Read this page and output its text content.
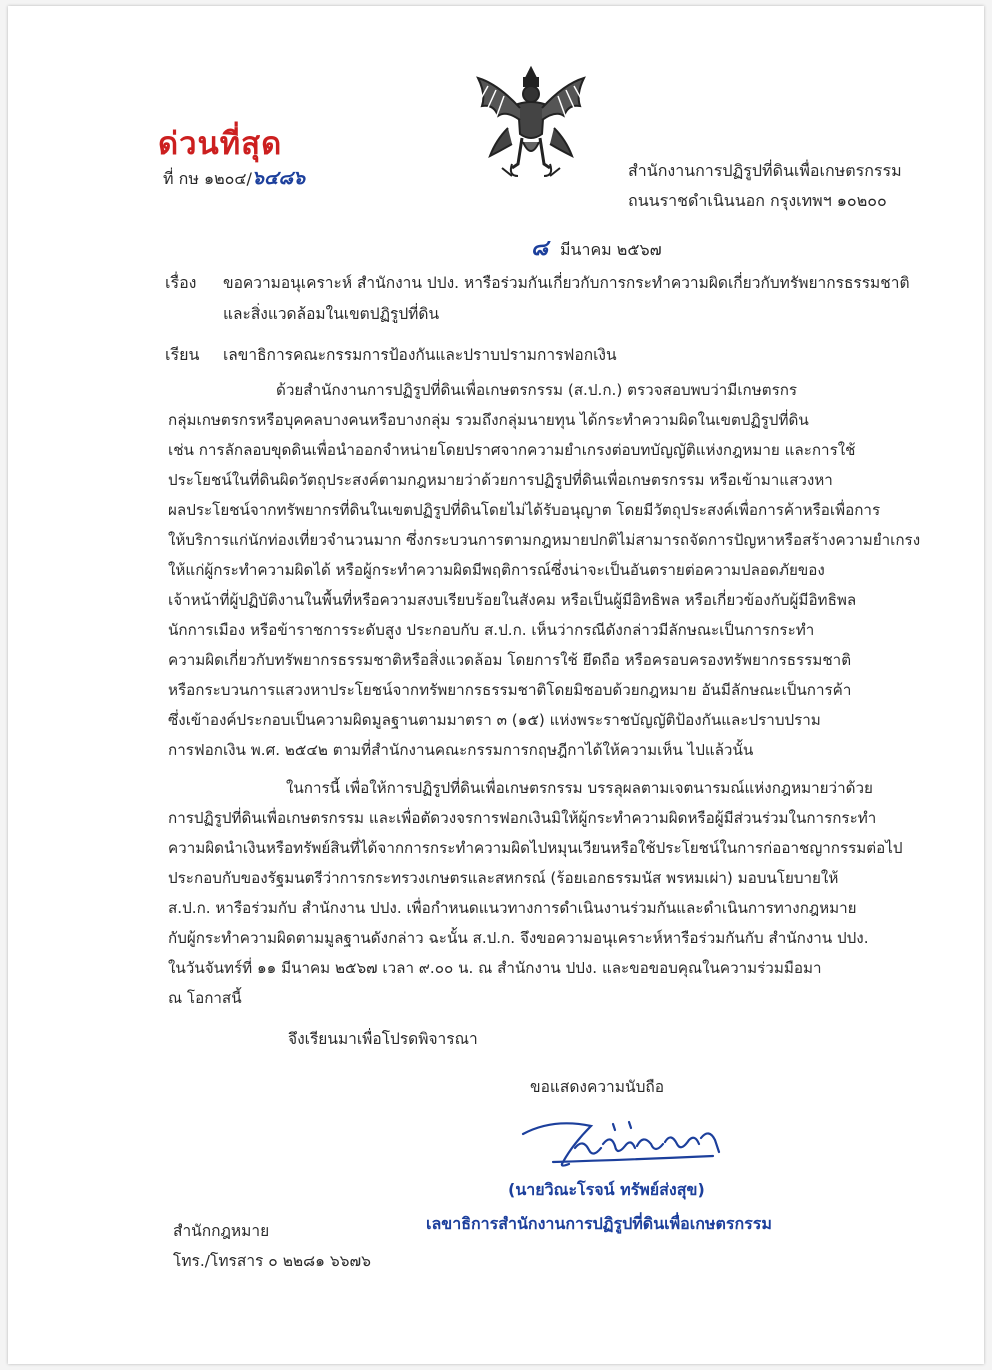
ด่วนที่สุด
ที่ กษ ๑๒๐๔/๖๔๘๖	สำนักงานการปฏิรูปที่ดินเพื่อเกษตรกรรม
ถนนราชดำเนินนอก กรุงเทพฯ ๑๐๒๐๐
๘ มีนาคม ๒๕๖๗
เรื่อง ขอความอนุเคราะห์ สำนักงาน ปปง. หารือร่วมกันเกี่ยวกับการกระทำความผิดเกี่ยวกับทรัพยากรธรรมชาติ
และสิ่งแวดล้อมในเขตปฏิรูปที่ดิน
เรียน เลขาธิการคณะกรรมการป้องกันและปราบปรามการฟอกเงิน
ด้วยสำนักงานการปฏิรูปที่ดินเพื่อเกษตรกรรม (ส.ป.ก.) ตรวจสอบพบว่ามีเกษตรกร
กลุ่มเกษตรกรหรือบุคคลบางคนหรือบางกลุ่ม รวมถึงกลุ่มนายทุน ได้กระทำความผิดในเขตปฏิรูปที่ดิน
เช่น การลักลอบขุดดินเพื่อนำออกจำหน่ายโดยปราศจากความยำเกรงต่อบทบัญญัติแห่งกฎหมาย และการใช้
ประโยชน์ในที่ดินผิดวัตถุประสงค์ตามกฎหมายว่าด้วยการปฏิรูปที่ดินเพื่อเกษตรกรรม หรือเข้ามาแสวงหา
ผลประโยชน์จากทรัพยากรที่ดินในเขตปฏิรูปที่ดินโดยไม่ได้รับอนุญาต โดยมีวัตถุประสงค์เพื่อการค้าหรือเพื่อการ
ให้บริการแก่นักท่องเที่ยวจำนวนมาก ซึ่งกระบวนการตามกฎหมายปกติไม่สามารถจัดการปัญหาหรือสร้างความยำเกรง
ให้แก่ผู้กระทำความผิดได้ หรือผู้กระทำความผิดมีพฤติการณ์ซึ่งน่าจะเป็นอันตรายต่อความปลอดภัยของ
เจ้าหน้าที่ผู้ปฏิบัติงานในพื้นที่หรือความสงบเรียบร้อยในสังคม หรือเป็นผู้มีอิทธิพล หรือเกี่ยวข้องกับผู้มีอิทธิพล
นักการเมือง หรือข้าราชการระดับสูง ประกอบกับ ส.ป.ก. เห็นว่ากรณีดังกล่าวมีลักษณะเป็นการกระทำ
ความผิดเกี่ยวกับทรัพยากรธรรมชาติหรือสิ่งแวดล้อม โดยการใช้ ยึดถือ หรือครอบครองทรัพยากรธรรมชาติ
หรือกระบวนการแสวงหาประโยชน์จากทรัพยากรธรรมชาติโดยมิชอบด้วยกฎหมาย อันมีลักษณะเป็นการค้า
ซึ่งเข้าองค์ประกอบเป็นความผิดมูลฐานตามมาตรา ๓ (๑๕) แห่งพระราชบัญญัติป้องกันและปราบปราม
การฟอกเงิน พ.ศ. ๒๕๔๒ ตามที่สำนักงานคณะกรรมการกฤษฎีกาได้ให้ความเห็น ไปแล้วนั้น
ในการนี้ เพื่อให้การปฏิรูปที่ดินเพื่อเกษตรกรรม บรรลุผลตามเจตนารมณ์แห่งกฎหมายว่าด้วย
การปฏิรูปที่ดินเพื่อเกษตรกรรม และเพื่อตัดวงจรการฟอกเงินมิให้ผู้กระทำความผิดหรือผู้มีส่วนร่วมในการกระทำ
ความผิดนำเงินหรือทรัพย์สินที่ได้จากการกระทำความผิดไปหมุนเวียนหรือใช้ประโยชน์ในการก่ออาชญากรรมต่อไป
ประกอบกับของรัฐมนตรีว่าการกระทรวงเกษตรและสหกรณ์ (ร้อยเอกธรรมนัส พรหมเผ่า) มอบนโยบายให้
ส.ป.ก. หารือร่วมกับ สำนักงาน ปปง. เพื่อกำหนดแนวทางการดำเนินงานร่วมกันและดำเนินการทางกฎหมาย
กับผู้กระทำความผิดตามมูลฐานดังกล่าว ฉะนั้น ส.ป.ก. จึงขอความอนุเคราะห์หารือร่วมกันกับ สำนักงาน ปปง.
ในวันจันทร์ที่ ๑๑ มีนาคม ๒๕๖๗ เวลา ๙.๐๐ น. ณ สำนักงาน ปปง. และขอขอบคุณในความร่วมมือมา
ณ โอกาสนี้
จึงเรียนมาเพื่อโปรดพิจารณา
ขอแสดงความนับถือ
(นายวิณะโรจน์ ทรัพย์ส่งสุข)
เลขาธิการสำนักงานการปฏิรูปที่ดินเพื่อเกษตรกรรม
สำนักกฎหมาย
โทร./โทรสาร ๐ ๒๒๘๑ ๖๖๗๖
